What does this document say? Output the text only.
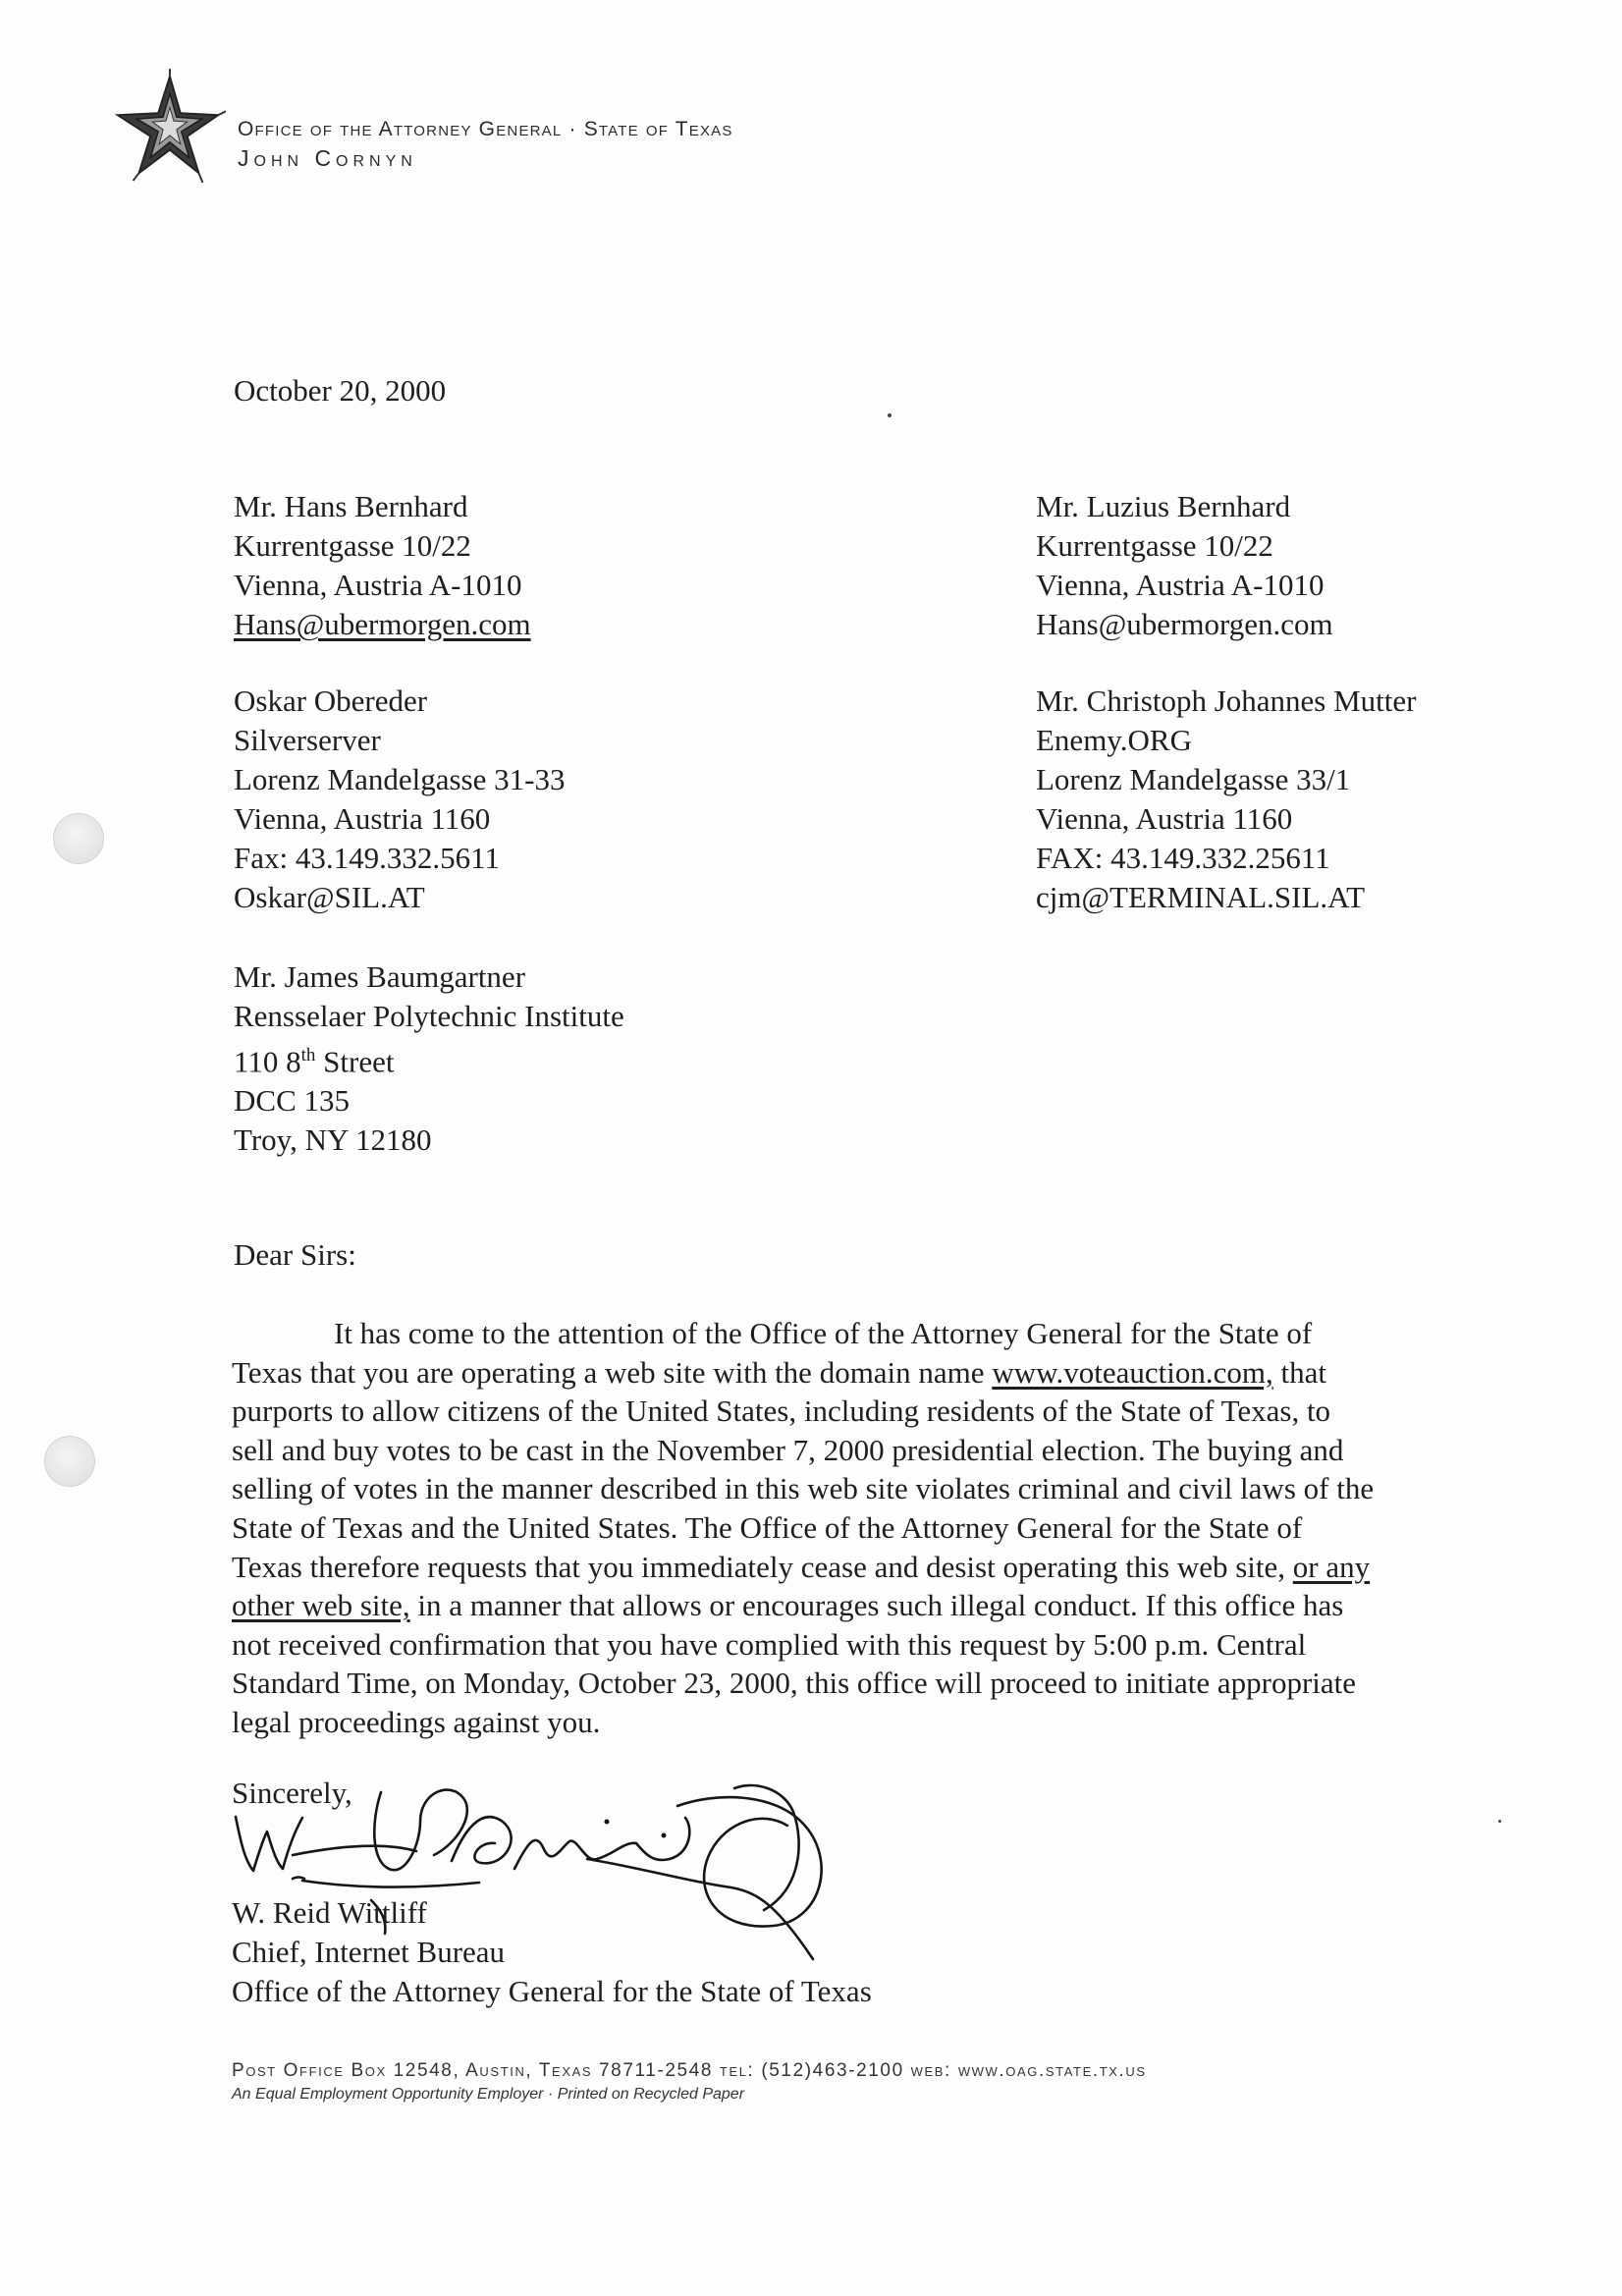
Office of the Attorney General · State of Texas
John Cornyn
October 20, 2000
Mr. Hans Bernhard
Kurrentgasse 10/22
Vienna, Austria A-1010
Hans@ubermorgen.com
Mr. Luzius Bernhard
Kurrentgasse 10/22
Vienna, Austria A-1010
Hans@ubermorgen.com
Oskar Obereder
Silverserver
Lorenz Mandelgasse 31-33
Vienna, Austria 1160
Fax: 43.149.332.5611
Oskar@SIL.AT
Mr. Christoph Johannes Mutter
Enemy.ORG
Lorenz Mandelgasse 33/1
Vienna, Austria 1160
FAX: 43.149.332.25611
cjm@TERMINAL.SIL.AT
Mr. James Baumgartner
Rensselaer Polytechnic Institute
110 8th Street
DCC 135
Troy, NY 12180
Dear Sirs:
It has come to the attention of the Office of the Attorney General for the State of
Texas that you are operating a web site with the domain name www.voteauction.com, that
purports to allow citizens of the United States, including residents of the State of Texas, to
sell and buy votes to be cast in the November 7, 2000 presidential election. The buying and
selling of votes in the manner described in this web site violates criminal and civil laws of the
State of Texas and the United States. The Office of the Attorney General for the State of
Texas therefore requests that you immediately cease and desist operating this web site, or any
other web site, in a manner that allows or encourages such illegal conduct. If this office has
not received confirmation that you have complied with this request by 5:00 p.m. Central
Standard Time, on Monday, October 23, 2000, this office will proceed to initiate appropriate
legal proceedings against you.
Sincerely,
W. Reid Wittliff
Chief, Internet Bureau
Office of the Attorney General for the State of Texas
Post Office Box 12548, Austin, Texas 78711-2548 tel: (512)463-2100 web: www.oag.state.tx.us
An Equal Employment Opportunity Employer · Printed on Recycled Paper
